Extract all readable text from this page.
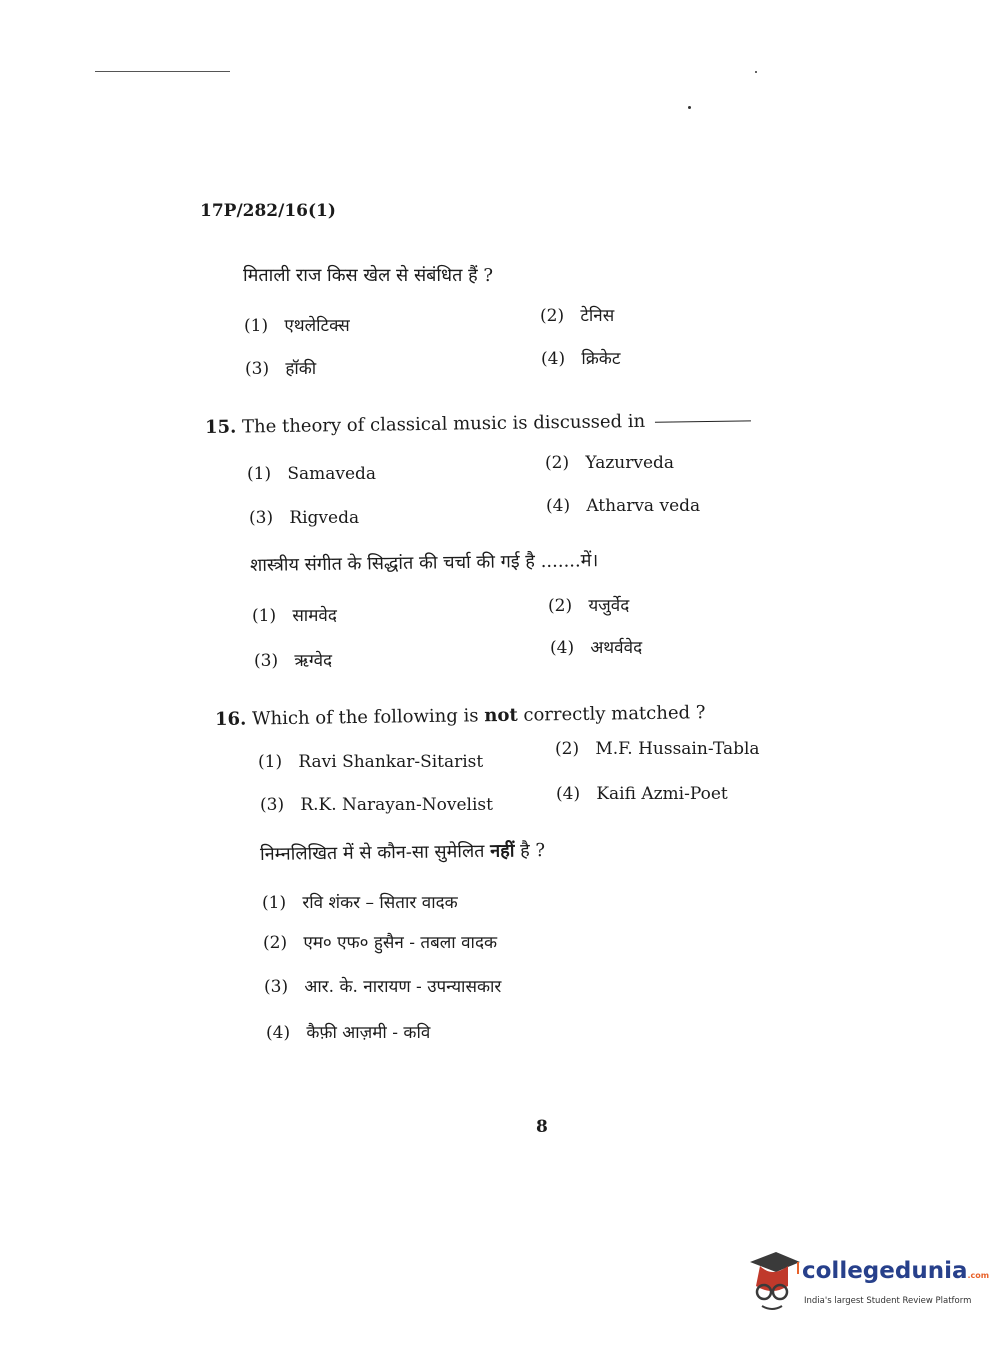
17P/282/16(1)
मिताली राज किस खेल से संबंधित हैं ?
(1) एथलेटिक्स	(2) टेनिस
(3) हॉकी	(4) क्रिकेट
15. The theory of classical music is discussed in
(1) Samaveda
(2) Yazurveda
(3) Rigveda
(4) Atharva veda
शास्त्रीय संगीत के सिद्धांत की चर्चा की गई है .......में।
(1) सामवेद	(2) यजुर्वेद
(3) ऋग्वेद
(4) अथर्ववेद
16. Which of the following is not correctly matched ?
(1) Ravi Shankar-Sitarist
(2) M.F. Hussain-Tabla
(3) R.K. Narayan-Novelist
(4) Kaifi Azmi-Poet
निम्नलिखित में से कौन-सा सुमेलित नहीं है ?
(1) रवि शंकर – सितार वादक
(2) एम० एफ० हुसैन - तबला वादक
(3) आर. के. नारायण - उपन्यासकार
(4) कैफ़ी आज़मी - कवि
8
collegedunia.com
India's largest Student Review Platform
